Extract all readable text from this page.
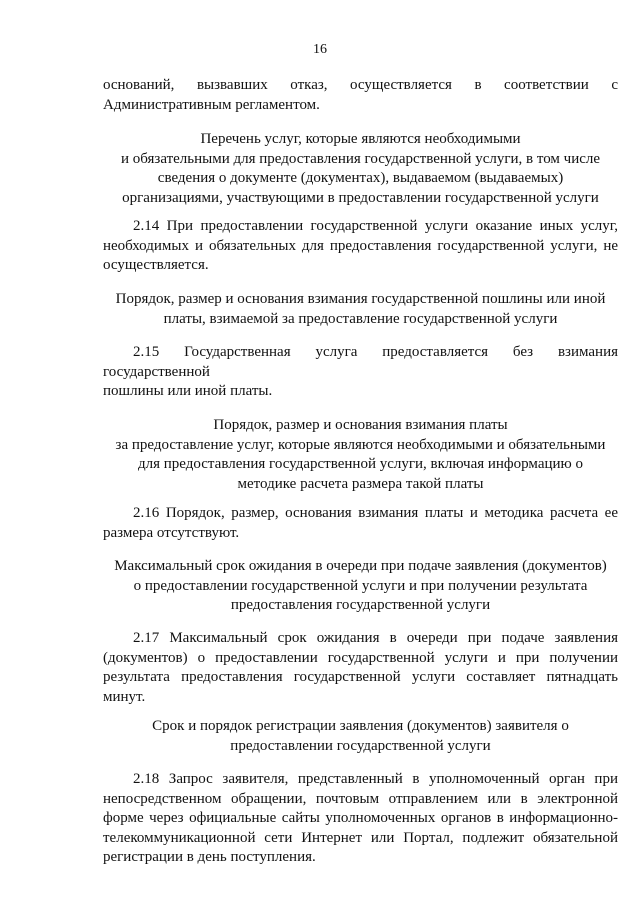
16
оснований, вызвавших отказ, осуществляется в соответствии с
Административным регламентом.
Перечень услуг, которые являются необходимыми
и обязательными для предоставления государственной услуги, в том числе
сведения о документе (документах), выдаваемом (выдаваемых)
организациями, участвующими в предоставлении государственной услуги
2.14 При предоставлении государственной услуги оказание иных услуг,
необходимых и обязательных для предоставления государственной услуги, не
осуществляется.
Порядок, размер и основания взимания государственной пошлины или иной
платы, взимаемой за предоставление государственной услуги
2.15 Государственная услуга предоставляется без взимания
государственной
пошлины или иной платы.
Порядок, размер и основания взимания платы
за предоставление услуг, которые являются необходимыми и обязательными
для предоставления государственной услуги, включая информацию о
методике расчета размера такой платы
2.16 Порядок, размер, основания взимания платы и методика расчета ее
размера отсутствуют.
Максимальный срок ожидания в очереди при подаче заявления (документов)
о предоставлении государственной услуги и при получении результата
предоставления государственной услуги
2.17 Максимальный срок ожидания в очереди при подаче заявления
(документов) о предоставлении государственной услуги и при получении
результата предоставления государственной услуги составляет пятнадцать
минут.
Срок и порядок регистрации заявления (документов) заявителя о
предоставлении государственной услуги
2.18 Запрос заявителя, представленный в уполномоченный орган при
непосредственном обращении, почтовым отправлением или в электронной
форме через официальные сайты уполномоченных органов в информационно-
телекоммуникационной сети Интернет или Портал, подлежит обязательной
регистрации в день поступления.
